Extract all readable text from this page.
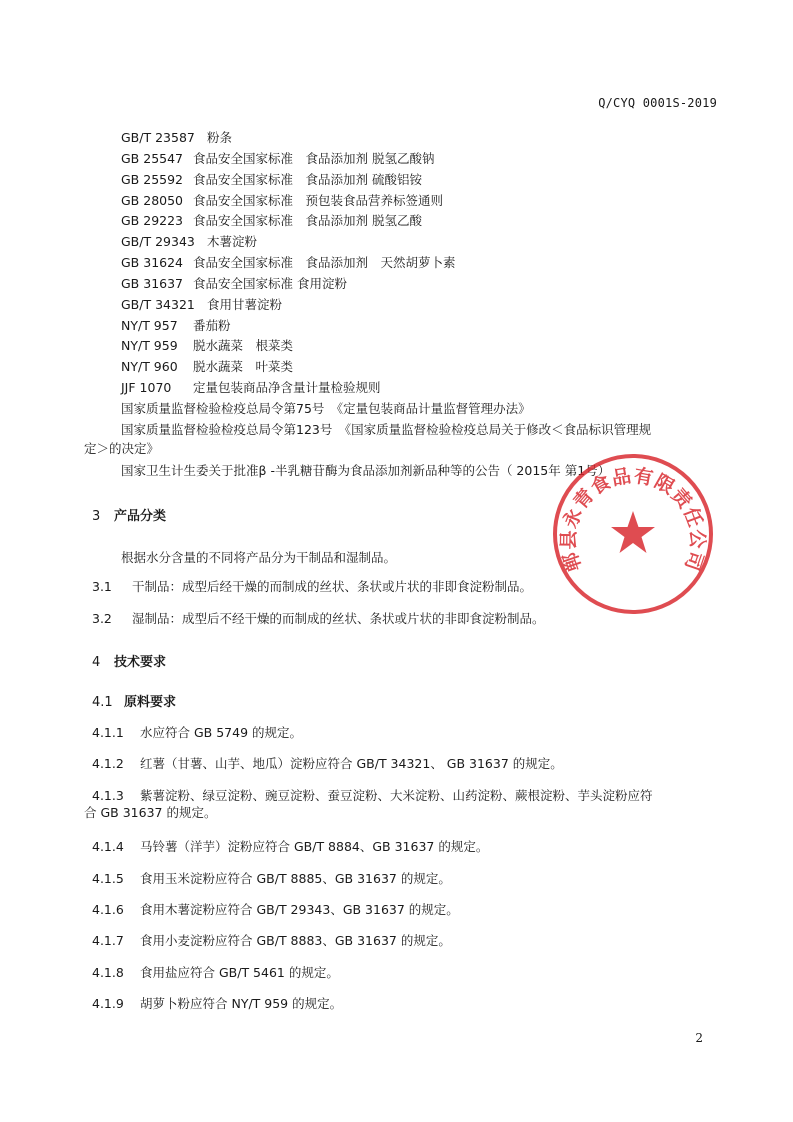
Q/CYQ 0001S-2019
GB/T 23587 粉条
GB 25547 食品安全国家标准　食品添加剂 脱氢乙酸钠
GB 25592 食品安全国家标准　食品添加剂 硫酸铝铵
GB 28050 食品安全国家标准　预包装食品营养标签通则
GB 29223 食品安全国家标准　食品添加剂 脱氢乙酸
GB/T 29343 木薯淀粉
GB 31624 食品安全国家标准　食品添加剂　天然胡萝卜素
GB 31637 食品安全国家标准 食用淀粉
GB/T 34321 食用甘薯淀粉
NY/T 957 番茄粉
NY/T 959 脱水蔬菜　根菜类
NY/T 960 脱水蔬菜　叶菜类
JJF 1070 定量包装商品净含量计量检验规则
国家质量监督检验检疫总局令第75号　《定量包装商品计量监督管理办法》
国家质量监督检验检疫总局令第123号　《国家质量监督检验检疫总局关于修改＜食品标识管理规
定＞的决定》
国家卫生计生委关于批准β -半乳糖苷酶为食品添加剂新品种等的公告（ 2015年 第1号）
3 产品分类
根据水分含量的不同将产品分为干制品和湿制品。
3.1 干制品：成型后经干燥的而制成的丝状、条状或片状的非即食淀粉制品。
3.2 湿制品：成型后不经干燥的而制成的丝状、条状或片状的非即食淀粉制品。
4 技术要求
4.1 原料要求
4.1.1 水应符合 GB 5749 的规定。
4.1.2 红薯（甘薯、山芋、地瓜）淀粉应符合 GB/T 34321、 GB 31637 的规定。
4.1.3 紫薯淀粉、绿豆淀粉、豌豆淀粉、蚕豆淀粉、大米淀粉、山药淀粉、蕨根淀粉、芋头淀粉应符
合 GB 31637 的规定。
4.1.4 马铃薯（洋芋）淀粉应符合 GB/T 8884、GB 31637 的规定。
4.1.5 食用玉米淀粉应符合 GB/T 8885、GB 31637 的规定。
4.1.6 食用木薯淀粉应符合 GB/T 29343、GB 31637 的规定。
4.1.7 食用小麦淀粉应符合 GB/T 8883、GB 31637 的规定。
4.1.8 食用盐应符合 GB/T 5461 的规定。
4.1.9 胡萝卜粉应符合 NY/T 959 的规定。
郸县永青食品有限责任公司
2
